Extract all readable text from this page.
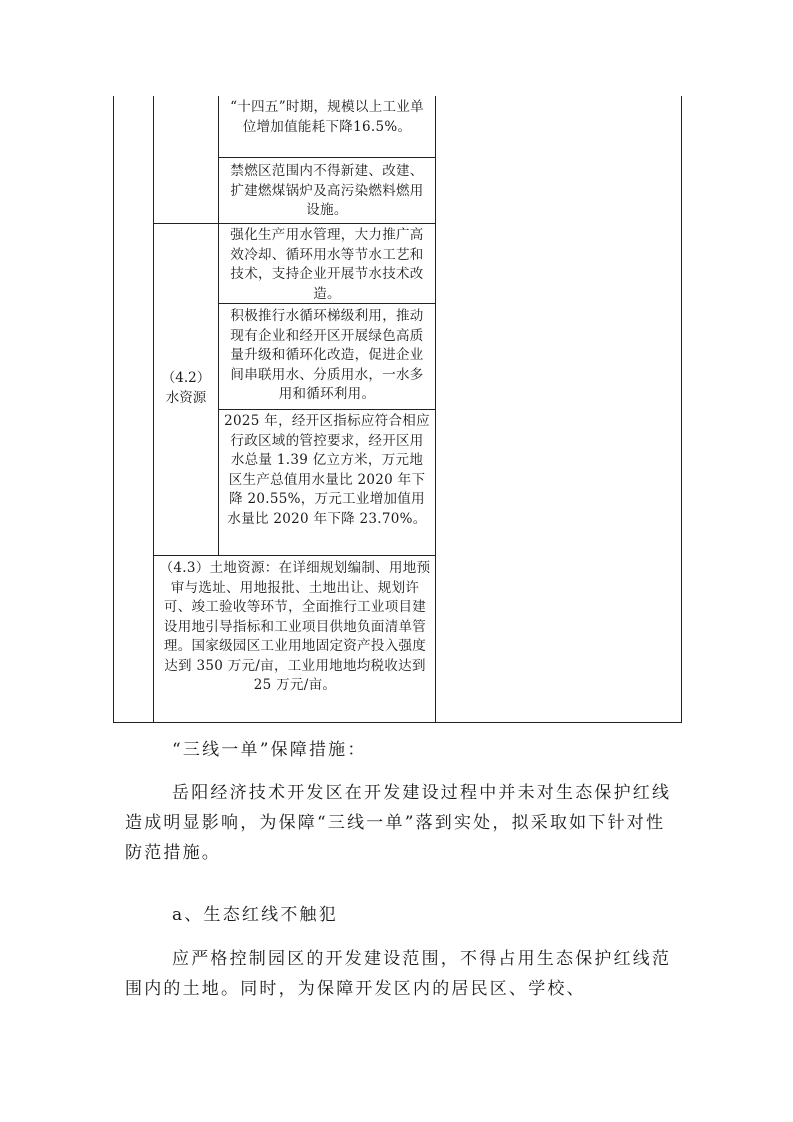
“十四五”时期，规模以上工业单位增加值能耗下降16.5%。
禁燃区范围内不得新建、改建、扩建燃煤锅炉及高污染燃料燃用设施。
（4.2）水资源
强化生产用水管理，大力推广高效冷却、循环用水等节水工艺和技术，支持企业开展节水技术改造。
积极推行水循环梯级利用，推动现有企业和经开区开展绿色高质量升级和循环化改造，促进企业间串联用水、分质用水，一水多用和循环利用。
2025 年，经开区指标应符合相应行政区域的管控要求，经开区用水总量 1.39 亿立方米，万元地区生产总值用水量比 2020 年下降 20.55%，万元工业增加值用水量比 2020 年下降 23.70%。
（4.3）土地资源：在详细规划编制、用地预审与选址、用地报批、土地出让、规划许可、竣工验收等环节，全面推行工业项目建设用地引导指标和工业项目供地负面清单管理。国家级园区工业用地固定资产投入强度达到 350 万元/亩，工业用地地均税收达到 25 万元/亩。
“三线一单”保障措施：
岳阳经济技术开发区在开发建设过程中并未对生态保护红线造成明显影响，为保障“三线一单”落到实处，拟采取如下针对性防范措施。
a、生态红线不触犯
应严格控制园区的开发建设范围，不得占用生态保护红线范围内的土地。同时，为保障开发区内的居民区、学校、
